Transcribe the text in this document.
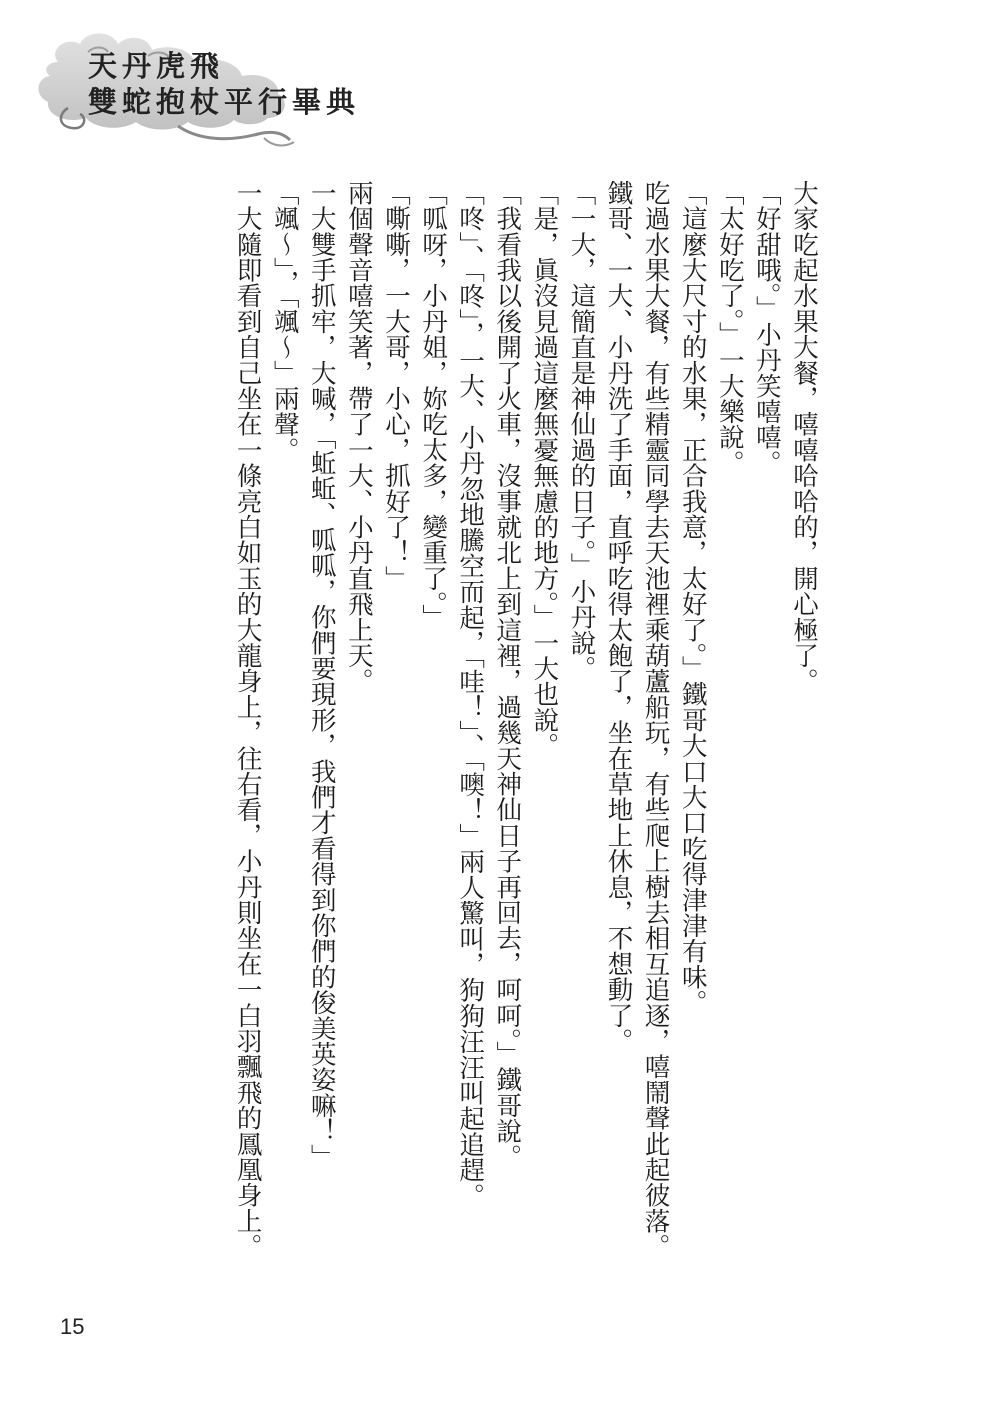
天丹虎飛
雙蛇抱杖平行畢典

大家吃起水果大餐，嘻嘻哈哈的，開心極了。

「好甜哦。」小丹笑嘻嘻。

「太好吃了。」一大樂說。

「這麼大尺寸的水果，正合我意，太好了。」鐵哥大口大口吃得津津有味。

吃過水果大餐，有些精靈同學去天池裡乘葫蘆船玩，有些爬上樹去相互追逐，嘻鬧聲此起彼落。

鐵哥、一大、小丹洗了手面，直呼吃得太飽了，坐在草地上休息，不想動了。

「一大，這簡直是神仙過的日子。」小丹說。

「是，眞沒見過這麼無憂無慮的地方。」一大也說。

「我看我以後開了火車，沒事就北上到這裡，過幾天神仙日子再回去，呵呵。」鐵哥說。

「咚」、「咚」，一大、小丹忽地騰空而起，「哇！」、「噢！」兩人驚叫，狗狗汪汪叫起追趕。

「呱呀，小丹姐，妳吃太多，變重了。」

「嘶嘶，一大哥，小心，抓好了！」

兩個聲音嘻笑著，帶了一大、小丹直飛上天。

一大雙手抓牢，大喊，「蚯蚯、呱呱，你們要現形，我們才看得到你們的俊美英姿嘛！」

「颯～」，「颯～」兩聲。

一大隨即看到自己坐在一條亮白如玉的大龍身上，往右看，小丹則坐在一白羽飄飛的鳳凰身上。

15
